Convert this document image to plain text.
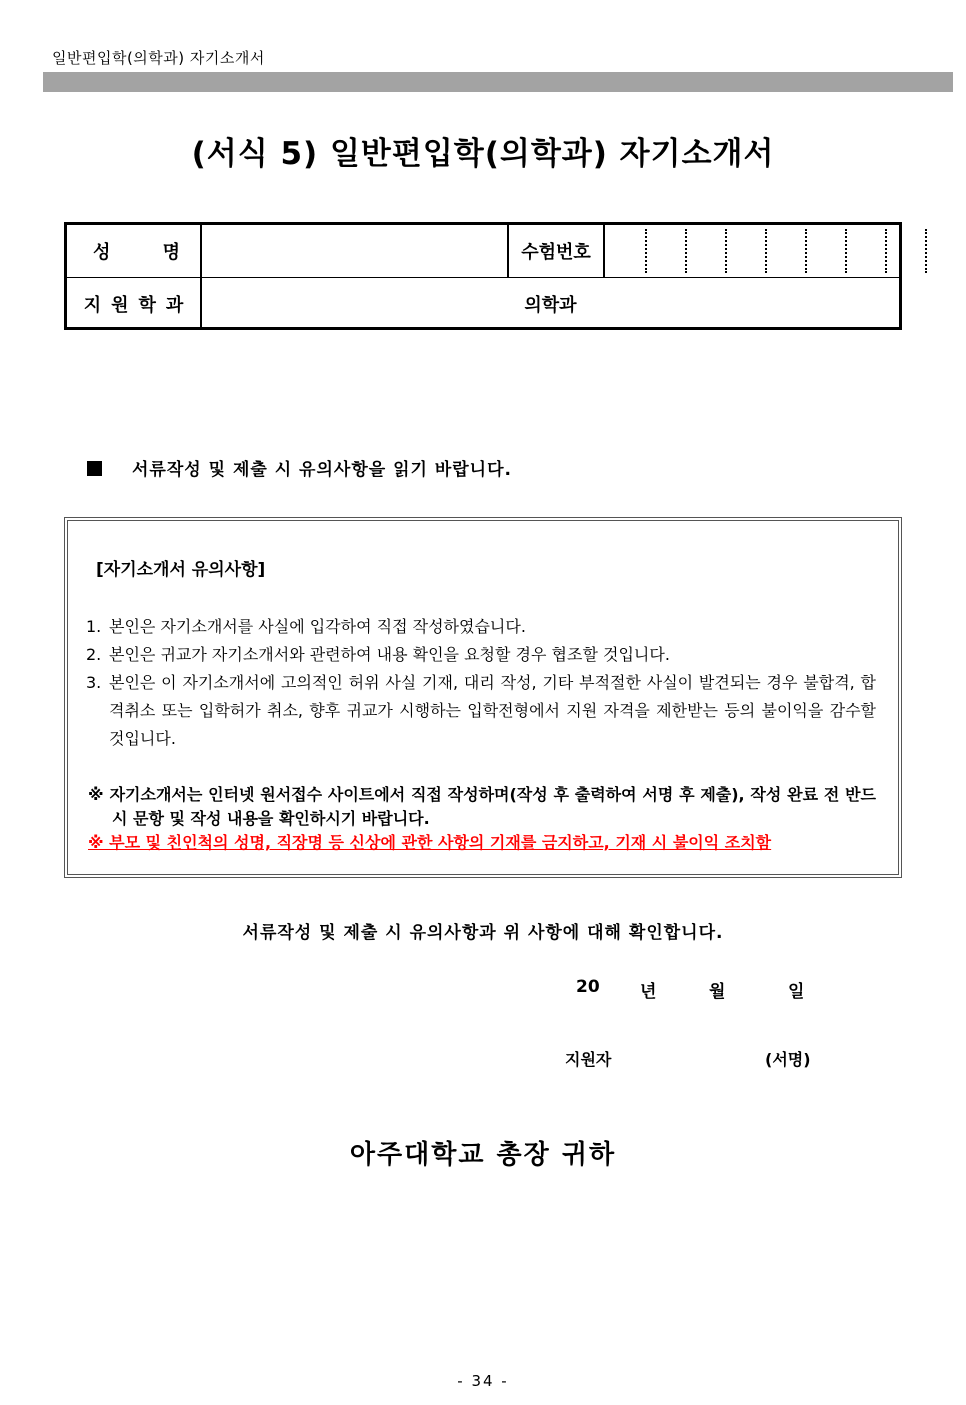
일반편입학(의학과) 자기소개서
(서식 5) 일반편입학(의학과) 자기소개서
성	명	수험번호
지원학과	의학과
서류작성 및 제출 시 유의사항을 읽기 바랍니다.
[자기소개서 유의사항]
1. 본인은 자기소개서를 사실에 입각하여 직접 작성하였습니다.
2. 본인은 귀교가 자기소개서와 관련하여 내용 확인을 요청할 경우 협조할 것입니다.
3. 본인은 이 자기소개서에 고의적인 허위 사실 기재, 대리 작성, 기타 부적절한 사실이 발견되는 경우 불합격, 합격취소 또는 입학허가 취소, 향후 귀교가 시행하는 입학전형에서 지원 자격을 제한받는 등의 불이익을 감수할 것입니다.
※ 자기소개서는 인터넷 원서접수 사이트에서 직접 작성하며(작성 후 출력하여 서명 후 제출), 작성 완료 전 반드시 문항 및 작성 내용을 확인하시기 바랍니다.
※ 부모 및 친인척의 성명, 직장명 등 신상에 관한 사항의 기재를 금지하고, 기재 시 불이익 조치함
서류작성 및 제출 시 유의사항과 위 사항에 대해 확인합니다.
20 년	월	일
지원자	(서명)
아주대학교 총장 귀하
- 34 -
